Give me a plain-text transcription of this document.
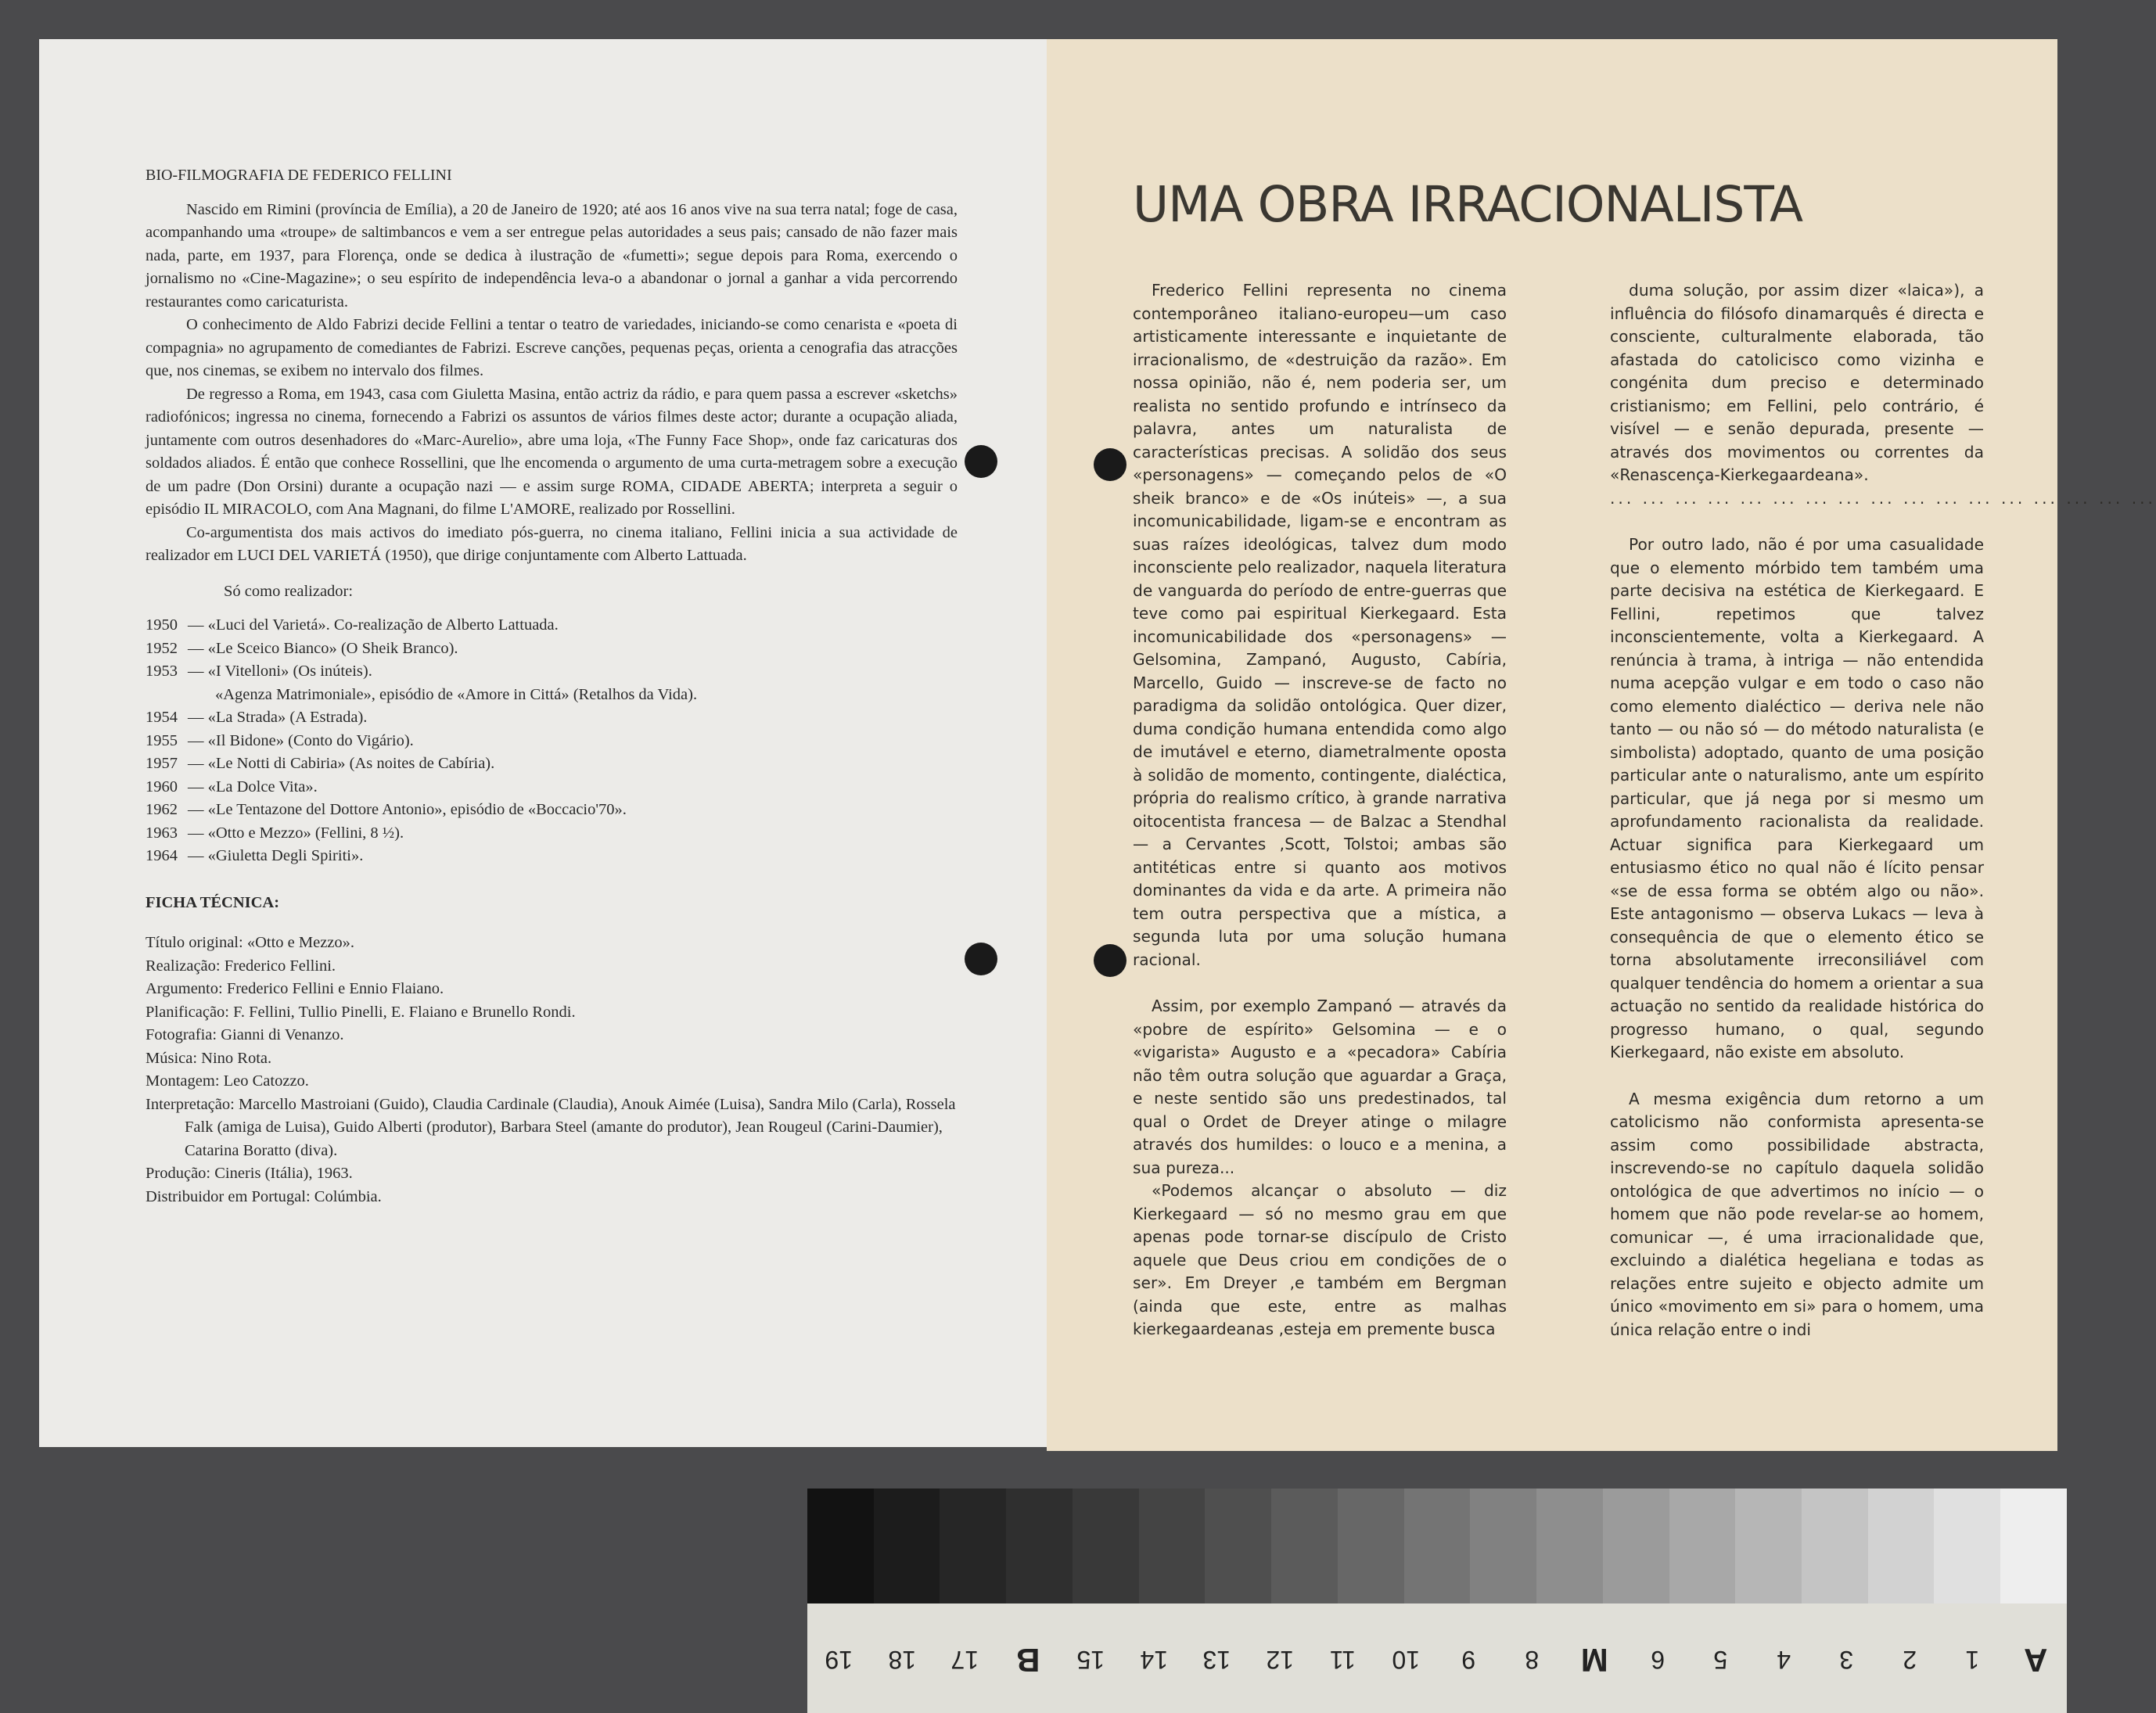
BIO-FILMOGRAFIA DE FEDERICO FELLINI

Nascido em Rimini (província de Emília), a 20 de Janeiro de 1920; até aos 16 anos vive na sua terra natal; foge de casa, acompanhando uma «troupe» de saltimbancos e vem a ser entregue pelas autoridades a seus pais; cansado de não fazer mais nada, parte, em 1937, para Florença, onde se dedica à ilustração de «fumetti»; segue depois para Roma, exercendo o jornalismo no «Cine-Magazine»; o seu espírito de independência leva-o a abandonar o jornal a ganhar a vida percorrendo restaurantes como caricaturista.

O conhecimento de Aldo Fabrizi decide Fellini a tentar o teatro de variedades, iniciando-se como cenarista e «poeta di compagnia» no agrupamento de comediantes de Fabrizi. Escreve canções, pequenas peças, orienta a cenografia das atracções que, nos cinemas, se exibem no intervalo dos filmes.

De regresso a Roma, em 1943, casa com Giuletta Masina, então actriz da rádio, e para quem passa a escrever «sketchs» radiofónicos; ingressa no cinema, fornecendo a Fabrizi os assuntos de vários filmes deste actor; durante a ocupação aliada, juntamente com outros desenhadores do «Marc-Aurelio», abre uma loja, «The Funny Face Shop», onde faz caricaturas dos soldados aliados. É então que conhece Rossellini, que lhe encomenda o argumento de uma curta-metragem sobre a execução de um padre (Don Orsini) durante a ocupação nazi — e assim surge ROMA, CIDADE ABERTA; interpreta a seguir o episódio IL MIRACOLO, com Ana Magnani, do filme L'AMORE, realizado por Rossellini.

Co-argumentista dos mais activos do imediato pós-guerra, no cinema italiano, Fellini inicia a sua actividade de realizador em LUCI DEL VARIETÁ (1950), que dirige conjuntamente com Alberto Lattuada.

Só como realizador:
1950 — «Luci del Varietá». Co-realização de Alberto Lattuada.
1952 — «Le Sceico Bianco» (O Sheik Branco).
1953 — «I Vitelloni» (Os inúteis).
«Agenza Matrimoniale», episódio de «Amore in Cittá» (Retalhos da Vida).
1954 — «La Strada» (A Estrada).
1955 — «Il Bidone» (Conto do Vigário).
1957 — «Le Notti di Cabiria» (As noites de Cabíria).
1960 — «La Dolce Vita».
1962 — «Le Tentazone del Dottore Antonio», episódio de «Boccacio'70».
1963 — «Otto e Mezzo» (Fellini, 8 ½).
1964 — «Giuletta Degli Spiriti».
FICHA TÉCNICA:
Título original: «Otto e Mezzo».
Realização: Frederico Fellini.
Argumento: Frederico Fellini e Ennio Flaiano.
Planificação: F. Fellini, Tullio Pinelli, E. Flaiano e Brunello Rondi.
Fotografia: Gianni di Venanzo.
Música: Nino Rota.
Montagem: Leo Catozzo.
Interpretação: Marcello Mastroiani (Guido), Claudia Cardinale (Claudia), Anouk Aimée (Luisa), Sandra Milo (Carla), Rossela Falk (amiga de Luisa), Guido Alberti (produtor), Barbara Steel (amante do produtor), Jean Rougeul (Carini-Daumier), Catarina Boratto (diva).
Produção: Cineris (Itália), 1963.
Distribuidor em Portugal: Colúmbia.
UMA OBRA IRRACIONALISTA

Frederico Fellini representa no cinema contemporâneo italiano-europeu—um caso artisticamente interessante e inquietante de irracionalismo, de «destruição da razão». Em nossa opinião, não é, nem poderia ser, um realista no sentido profundo e intrínseco da palavra, antes um naturalista de características precisas. A solidão dos seus «personagens» — começando pelos de «O sheik branco» e de «Os inúteis» —, a sua incomunicabilidade, ligam-se e encontram as suas raízes ideológicas, talvez dum modo inconsciente pelo realizador, naquela literatura de vanguarda do período de entre-guerras que teve como pai espiritual Kierkegaard. Esta incomunicabilidade dos «personagens» — Gelsomina, Zampanó, Augusto, Cabíria, Marcello, Guido — inscreve-se de facto no paradigma da solidão ontológica. Quer dizer, duma condição humana entendida como algo de imutável e eterno, diametralmente oposta à solidão de momento, contingente, dialéctica, própria do realismo crítico, à grande narrativa oitocentista francesa — de Balzac a Stendhal — a Cervantes ,Scott, Tolstoi; ambas são antitéticas entre si quanto aos motivos dominantes da vida e da arte. A primeira não tem outra perspectiva que a mística, a segunda luta por uma solução humana racional.

Assim, por exemplo Zampanó — através da «pobre de espírito» Gelsomina — e o «vigarista» Augusto e a «pecadora» Cabíria não têm outra solução que aguardar a Graça, e neste sentido são uns predestinados, tal qual o Ordet de Dreyer atinge o milagre através dos humildes: o louco e a menina, a sua pureza...

«Podemos alcançar o absoluto — diz Kierkegaard — só no mesmo grau em que apenas pode tornar-se discípulo de Cristo aquele que Deus criou em condições de o ser». Em Dreyer ,e também em Bergman (ainda que este, entre as malhas kierkegaardeanas ,esteja em premente busca

duma solução, por assim dizer «laica»), a influência do filósofo dinamarquês é directa e consciente, culturalmente elaborada, tão afastada do catolicisco como vizinha e congénita dum preciso e determinado cristianismo; em Fellini, pelo contrário, é visível — e senão depurada, presente — através dos movimentos ou correntes da «Renascença-Kierkegaardeana».

... ... ... ... ... ... ... ... ... ... ... ... ... ... ... ... ...

Por outro lado, não é por uma casualidade que o elemento mórbido tem também uma parte decisiva na estética de Kierkegaard. E Fellini, repetimos que talvez inconscientemente, volta a Kierkegaard. A renúncia à trama, à intriga — não entendida numa acepção vulgar e em todo o caso não como elemento dialéctico — deriva nele não tanto — ou não só — do método naturalista (e simbolista) adoptado, quanto de uma posição particular ante o naturalismo, ante um espírito particular, que já nega por si mesmo um aprofundamento racionalista da realidade. Actuar significa para Kierkegaard um entusiasmo ético no qual não é lícito pensar «se de essa forma se obtém algo ou não». Este antagonismo — observa Lukacs — leva à consequência de que o elemento ético se torna absolutamente irreconsiliável com qualquer tendência do homem a orientar a sua actuação no sentido da realidade histórica do progresso humano, o qual, segundo Kierkegaard, não existe em absoluto.

A mesma exigência dum retorno a um catolicismo não conformista apresenta-se assim como possibilidade abstracta, inscrevendo-se no capítulo daquela solidão ontológica de que advertimos no início — o homem que não pode revelar-se ao homem, comunicar —, é uma irracionalidade que, excluindo a dialética hegeliana e todas as relações entre sujeito e objecto admite um único «movimento em si» para o homem, uma única relação entre o indi

19	18	17	B	15	14	13	12	11	10	9	8	M	6	5	4	3	2	1	A
